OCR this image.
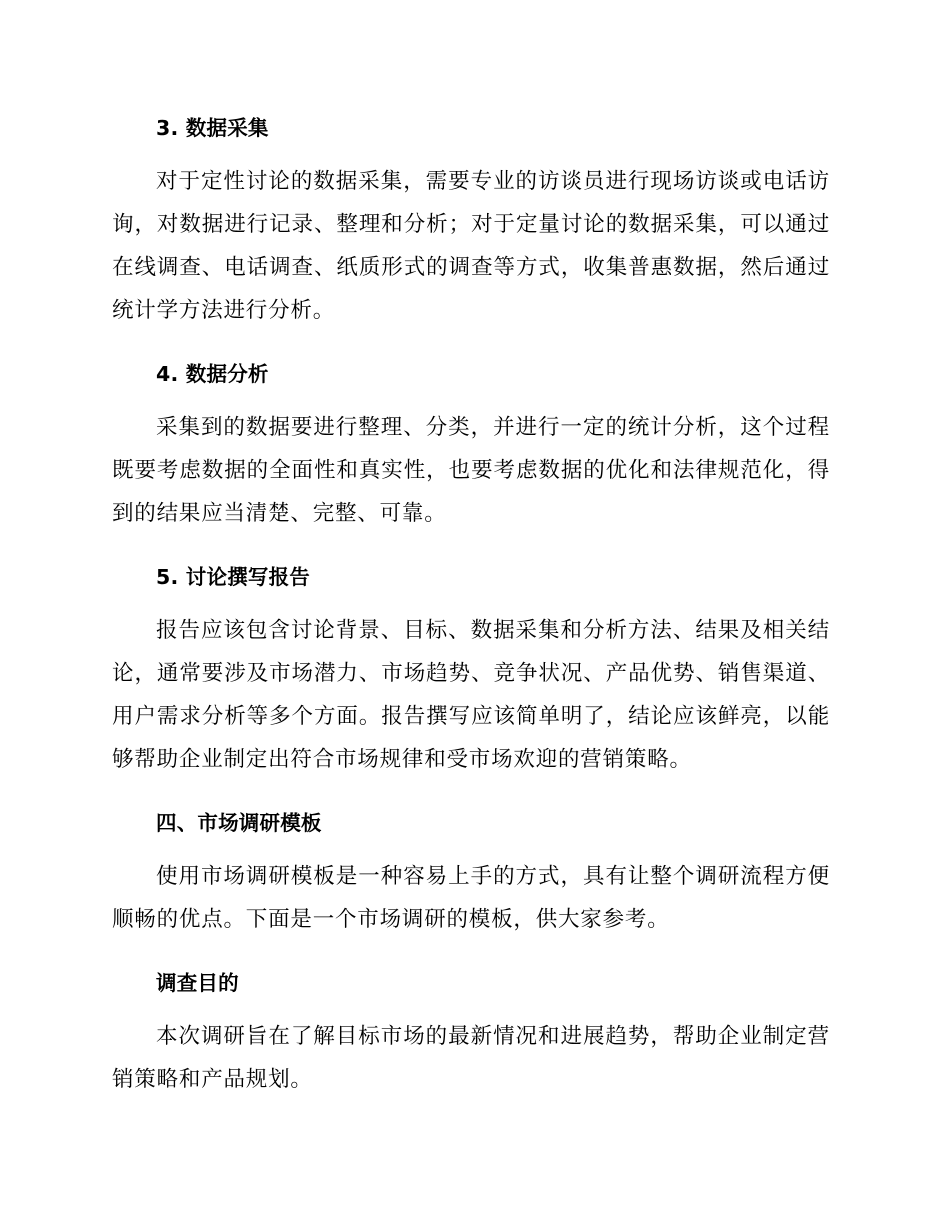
3. 数据采集

对于定性讨论的数据采集，需要专业的访谈员进行现场访谈或电话访询，对数据进行记录、整理和分析；对于定量讨论的数据采集，可以通过在线调查、电话调查、纸质形式的调查等方式，收集普惠数据，然后通过统计学方法进行分析。

4. 数据分析

采集到的数据要进行整理、分类，并进行一定的统计分析，这个过程既要考虑数据的全面性和真实性，也要考虑数据的优化和法律规范化，得到的结果应当清楚、完整、可靠。

5. 讨论撰写报告

报告应该包含讨论背景、目标、数据采集和分析方法、结果及相关结论，通常要涉及市场潜力、市场趋势、竞争状况、产品优势、销售渠道、用户需求分析等多个方面。报告撰写应该简单明了，结论应该鲜亮，以能够帮助企业制定出符合市场规律和受市场欢迎的营销策略。

四、市场调研模板

使用市场调研模板是一种容易上手的方式，具有让整个调研流程方便顺畅的优点。下面是一个市场调研的模板，供大家参考。

调查目的

本次调研旨在了解目标市场的最新情况和进展趋势，帮助企业制定营销策略和产品规划。
